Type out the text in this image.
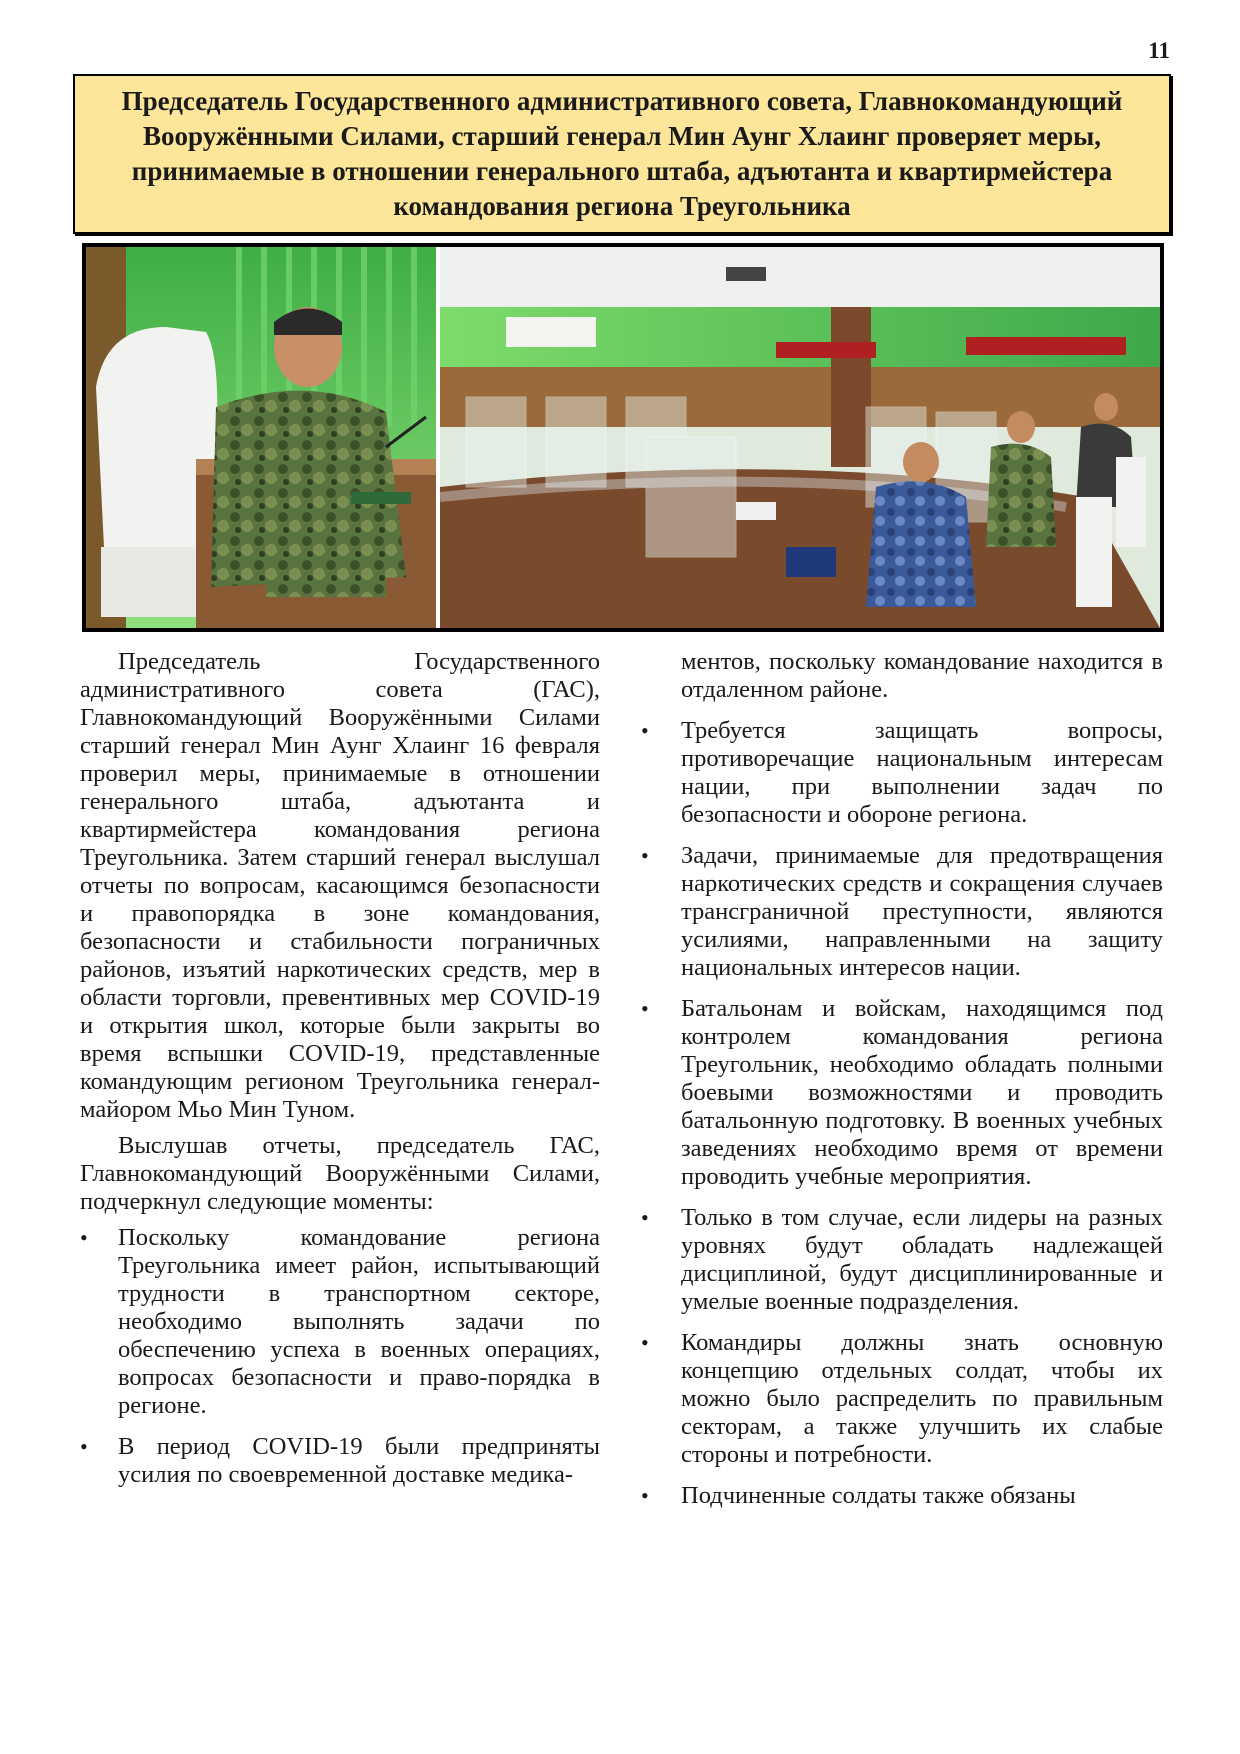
11

Председатель Государственного административного совета, Главнокомандующий Вооружёнными Силами, старший генерал Мин Аунг Хлаинг проверяет меры, принимаемые в отношении генерального штаба, адъютанта и квартирмейстера командования региона Треугольника

Председатель Государственного административного совета (ГАС), Главнокомандующий Вооружёнными Силами старший генерал Мин Аунг Хлаинг 16 февраля проверил меры, принимаемые в отношении генерального штаба, адъютанта и квартирмейстера командования региона Треугольника. Затем старший генерал выслушал отчеты по вопросам, касающимся безопасности и правопорядка в зоне командования, безопасности и стабильности пограничных районов, изъятий наркотических средств, мер в области торговли, превентивных мер COVID-19 и открытия школ, которые были закрыты во время вспышки COVID-19, представленные командующим регионом Треугольника генерал-майором Мьо Мин Туном.

Выслушав отчеты, председатель ГАС, Главнокомандующий Вооружёнными Силами, подчеркнул следующие моменты:

• Поскольку командование региона Треугольника имеет район, испытывающий трудности в транспортном секторе, необходимо выполнять задачи по обеспечению успеха в военных операциях, вопросах безопасности и право-порядка в регионе.
• В период COVID-19 были предприняты усилия по своевременной доставке медика-

ментов, поскольку командование находится в отдаленном районе.

• Требуется защищать вопросы, противоречащие национальным интересам нации, при выполнении задач по безопасности и обороне региона.
• Задачи, принимаемые для предотвращения наркотических средств и сокращения случаев трансграничной преступности, являются усилиями, направленными на защиту национальных интересов нации.
• Батальонам и войскам, находящимся под контролем командования региона Треугольник, необходимо обладать полными боевыми возможностями и проводить батальонную подготовку. В военных учебных заведениях необходимо время от времени проводить учебные мероприятия.
• Только в том случае, если лидеры на разных уровнях будут обладать надлежащей дисциплиной, будут дисциплинированные и умелые военные подразделения.
• Командиры должны знать основную концепцию отдельных солдат, чтобы их можно было распределить по правильным секторам, а также улучшить их слабые стороны и потребности.
• Подчиненные солдаты также обязаны
